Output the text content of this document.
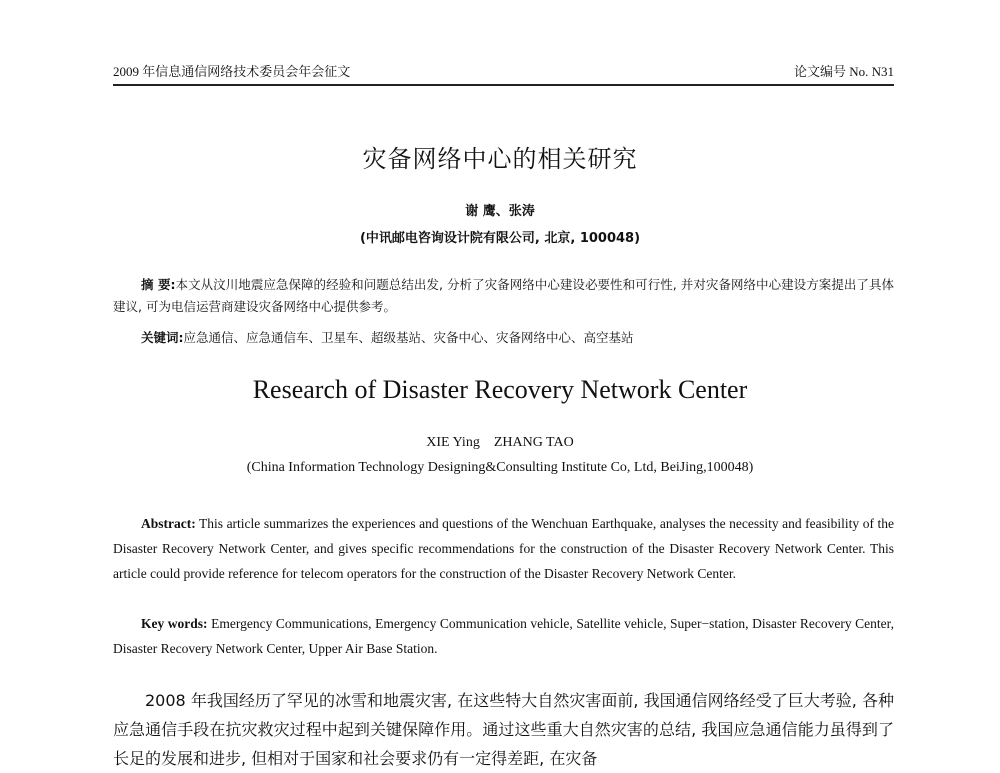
2009 年信息通信网络技术委员会年会征文	论文编号 No. N31
灾备网络中心的相关研究
谢 鹰、张涛
(中讯邮电咨询设计院有限公司, 北京, 100048)
摘 要:本文从汶川地震应急保障的经验和问题总结出发, 分析了灾备网络中心建设必要性和可行性, 并对灾备网络中心建设方案提出了具体建议, 可为电信运营商建设灾备网络中心提供参考。
关键词:应急通信、应急通信车、卫星车、超级基站、灾备中心、灾备网络中心、高空基站
Research of Disaster Recovery Network Center
XIE Ying    ZHANG TAO
(China Information Technology Designing&Consulting Institute Co, Ltd, BeiJing,100048)
Abstract: This article summarizes the experiences and questions of the Wenchuan Earthquake, analyses the necessity and feasibility of the Disaster Recovery Network Center, and gives specific recommendations for the construction of the Disaster Recovery Network Center. This article could provide reference for telecom operators for the construction of the Disaster Recovery Network Center.
Key words: Emergency Communications, Emergency Communication vehicle, Satellite vehicle, Super−station, Disaster Recovery Center, Disaster Recovery Network Center, Upper Air Base Station.
2008 年我国经历了罕见的冰雪和地震灾害, 在这些特大自然灾害面前, 我国通信网络经受了巨大考验, 各种应急通信手段在抗灾救灾过程中起到关键保障作用。通过这些重大自然灾害的总结, 我国应急通信能力虽得到了长足的发展和进步, 但相对于国家和社会要求仍有一定得差距, 在灾备
